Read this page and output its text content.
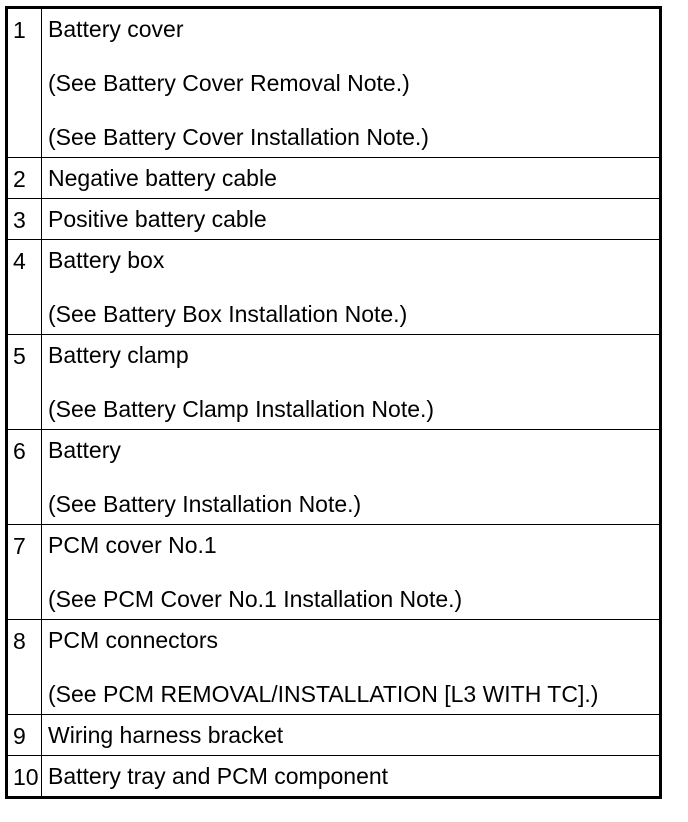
1	Battery cover
(See Battery Cover Removal Note.)
(See Battery Cover Installation Note.)

2	Negative battery cable

3	Positive battery cable

4	Battery box
(See Battery Box Installation Note.)

5	Battery clamp
(See Battery Clamp Installation Note.)

6	Battery
(See Battery Installation Note.)

7	PCM cover No.1
(See PCM Cover No.1 Installation Note.)

8	PCM connectors
(See PCM REMOVAL/INSTALLATION [L3 WITH TC].)

9	Wiring harness bracket

10	Battery tray and PCM component
